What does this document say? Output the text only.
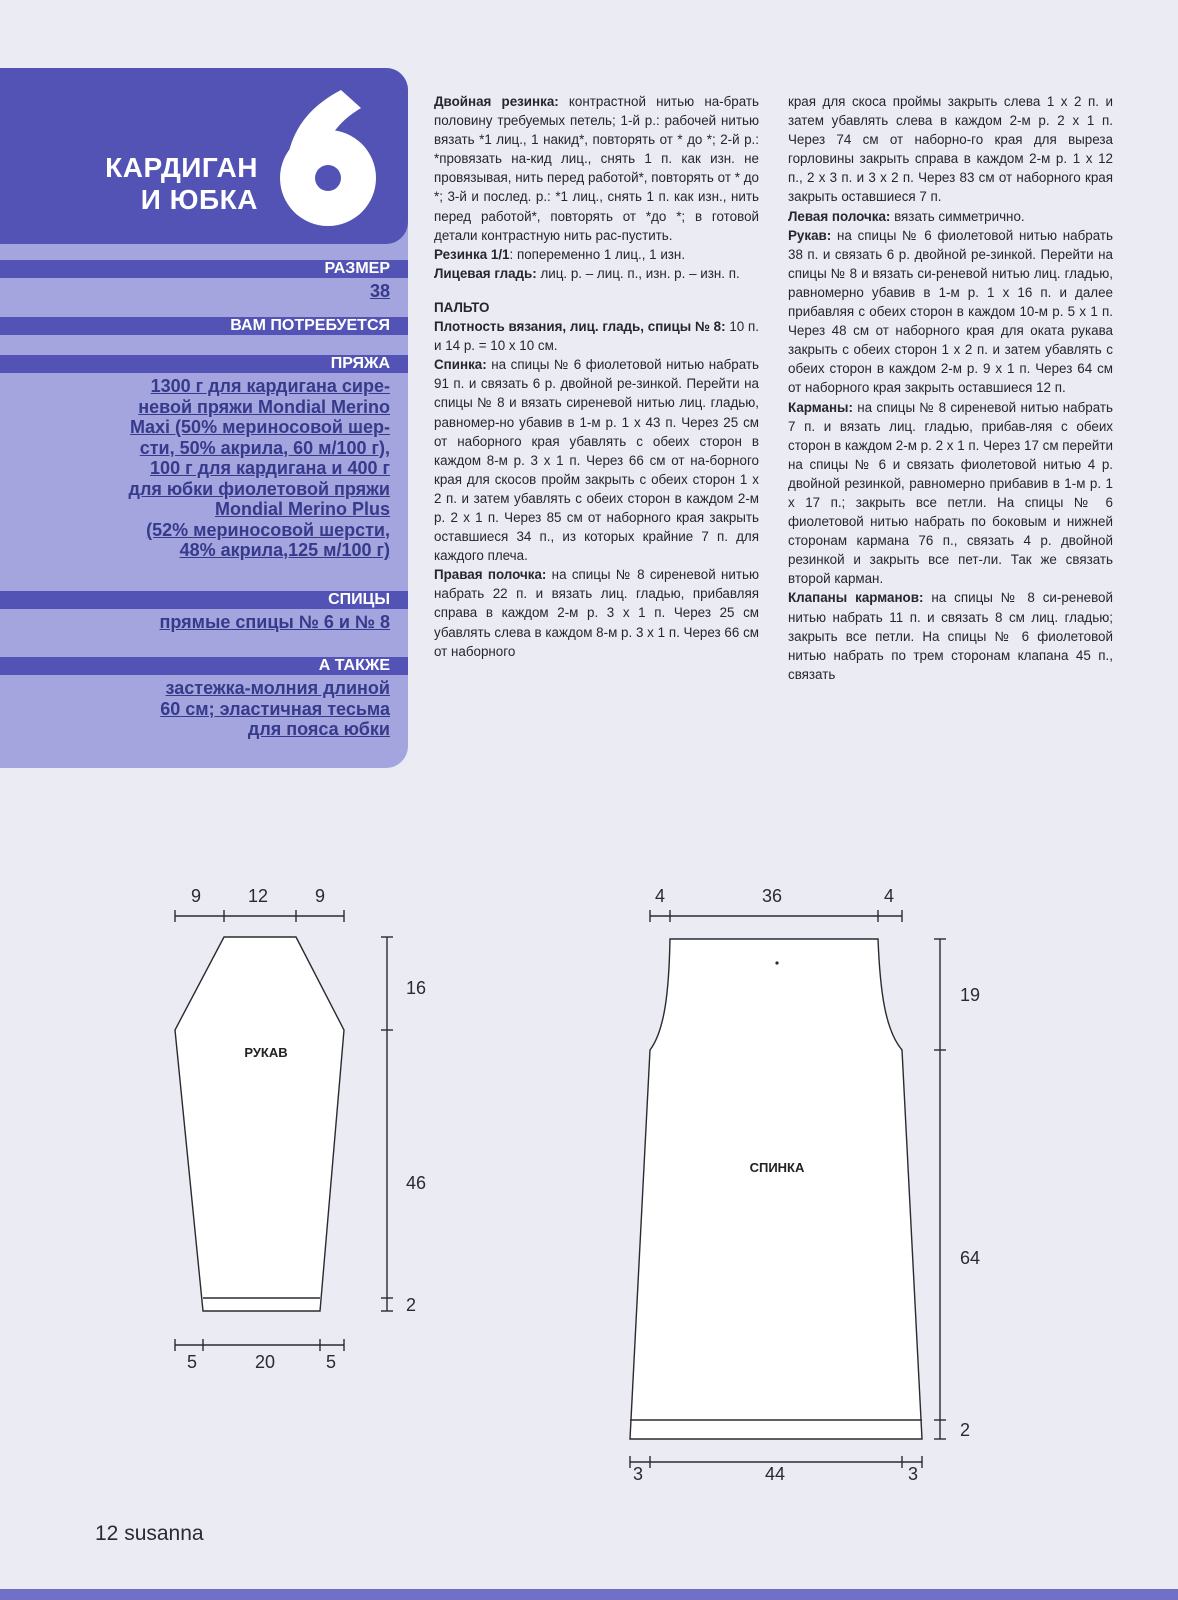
КАРДИГАН
И ЮБКА
РАЗМЕР
38
ВАМ ПОТРЕБУЕТСЯ
ПРЯЖА
1300 г для кардигана сире-
невой пряжи Mondial Merino
Maxi (50% мериносовой шер-
сти, 50% акрила, 60 м/100 г),
100 г для кардигана и 400 г
для юбки фиолетовой пряжи
Mondial Merino Plus
(52% мериносовой шерсти,
48% акрила,125 м/100 г)
СПИЦЫ
прямые спицы № 6 и № 8
А ТАКЖЕ
застежка-молния длиной
60 см; эластичная тесьма
для пояса юбки

Двойная резинка: контрастной нитью на-брать половину требуемых петель; 1-й р.: рабочей нитью вязать *1 лиц., 1 накид*, повторять от * до *; 2-й р.: *провязать на-кид лиц., снять 1 п. как изн. не провязывая, нить перед работой*, повторять от * до *; 3-й и послед. р.: *1 лиц., снять 1 п. как изн., нить перед работой*, повторять от *до *; в готовой детали контрастную нить рас-пустить.

Резинка 1/1: попеременно 1 лиц., 1 изн.

Лицевая гладь: лиц. р. – лиц. п., изн. р. – изн. п.

ПАЛЬТО

Плотность вязания, лиц. гладь, спицы № 8: 10 п. и 14 р. = 10 х 10 см.

Спинка: на спицы № 6 фиолетовой нитью набрать 91 п. и связать 6 р. двойной ре-зинкой. Перейти на спицы № 8 и вязать сиреневой нитью лиц. гладью, равномер-но убавив в 1-м р. 1 х 43 п. Через 25 см от наборного края убавлять с обеих сторон в каждом 8-м р. 3 х 1 п. Через 66 см от на-борного края для скосов пройм закрыть с обеих сторон 1 х 2 п. и затем убавлять с обеих сторон в каждом 2-м р. 2 х 1 п. Через 85 см от наборного края закрыть оставшиеся 34 п., из которых крайние 7 п. для каждого плеча.

Правая полочка: на спицы № 8 сиреневой нитью набрать 22 п. и вязать лиц. гладью, прибавляя справа в каждом 2-м р. 3 х 1 п. Через 25 см убавлять слева в каждом 8-м р. 3 х 1 п. Через 66 см от наборного

края для скоса проймы закрыть слева 1 х 2 п. и затем убавлять слева в каждом 2-м р. 2 х 1 п. Через 74 см от наборно-го края для выреза горловины закрыть справа в каждом 2-м р. 1 х 12 п., 2 х 3 п. и 3 х 2 п. Через 83 см от наборного края закрыть оставшиеся 7 п.

Левая полочка: вязать симметрично.

Рукав: на спицы № 6 фиолетовой нитью набрать 38 п. и связать 6 р. двойной ре-зинкой. Перейти на спицы № 8 и вязать си-реневой нитью лиц. гладью, равномерно убавив в 1-м р. 1 х 16 п. и далее прибавляя с обеих сторон в каждом 10-м р. 5 х 1 п. Через 48 см от наборного края для оката рукава закрыть с обеих сторон 1 х 2 п. и затем убавлять с обеих сторон в каждом 2-м р. 9 х 1 п. Через 64 см от наборного края закрыть оставшиеся 12 п.

Карманы: на спицы № 8 сиреневой нитью набрать 7 п. и вязать лиц. гладью, прибав-ляя с обеих сторон в каждом 2-м р. 2 х 1 п. Через 17 см перейти на спицы № 6 и связать фиолетовой нитью 4 р. двойной резинкой, равномерно прибавив в 1-м р. 1 х 17 п.; закрыть все петли. На спицы № 6 фиолетовой нитью набрать по боковым и нижней сторонам кармана 76 п., связать 4 р. двойной резинкой и закрыть все пет-ли. Так же связать второй карман.

Клапаны карманов: на спицы № 8 си-реневой нитью набрать 11 п. и связать 8 см лиц. гладью; закрыть все петли. На спицы № 6 фиолетовой нитью набрать по трем сторонам клапана 45 п., связать

РУКАВ
9	12	9
16
46
2
5	20	5
СПИНКА
4	36	4
19
64
2
3	44	3
12 susanna
